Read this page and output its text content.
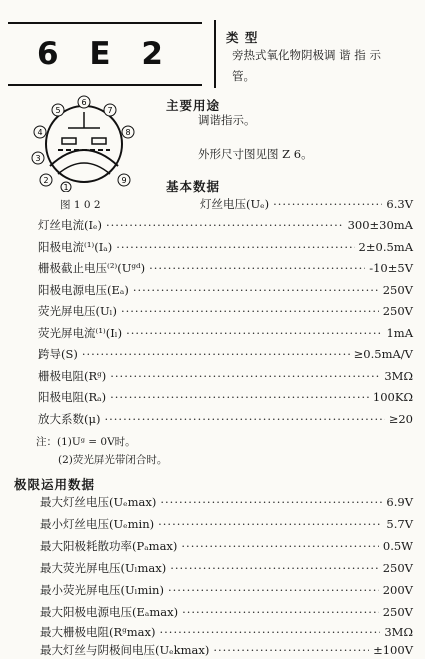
6 E 2	类 型
旁热式氧化物阴极调 谐 指 示
管。
主要用途
调谐指示。
外形尺寸图见图 Z 6。
6
5	7
4	8
3
2
1
9
图 1 0 2
基本数据
灯丝电压(Uₑ) ·····	6.3V
灯丝电流(Iₑ) ·····	300±30mA
阳极电流⁽¹⁾(Iₐ) ·····	2±0.5mA
栅极截止电压⁽²⁾(Uᵍᵈ) ·····	-10±5V
阳极电源电压(Eₐ) ·····	250V
荧光屏电压(Uₗ) ·····	250V
荧光屏电流⁽¹⁾(Iₗ) ·····	1mA
跨导(S) ·····	≥0.5mA/V
栅极电阻(Rᵍ) ·····	3MΩ
阳极电阻(Rₐ) ·····	100KΩ
放大系数(μ) ·····	≥20
注：(1)Uᵍ = 0V时。
(2)荧光屏光带闭合时。
极限运用数据
最大灯丝电压(Uₑmax) ·····	6.9V
最小灯丝电压(Uₑmin) ·····	5.7V
最大阳极耗散功率(Pₐmax) ·····	0.5W
最大荧光屏电压(Uₗmax) ·····	250V
最小荧光屏电压(Uₗmin) ·····	200V
最大阳极电源电压(Eₐmax) ·····	250V
最大栅极电阻(Rᵍmax) ·····	3MΩ
最大灯丝与阴极间电压(Uₑkmax) ·····	±100V
